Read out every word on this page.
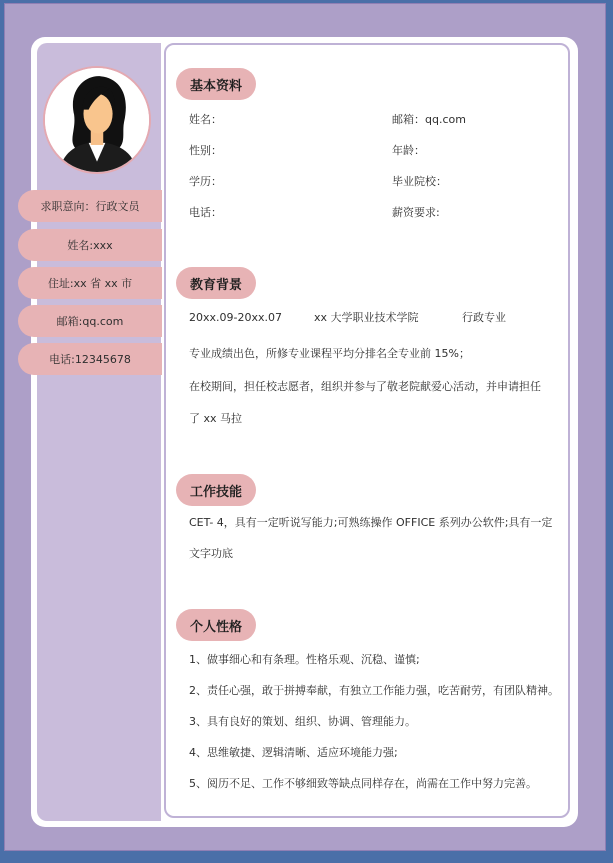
求职意向：行政文员
姓名:xxx
住址:xx 省 xx 市
邮箱:qq.com
电话:12345678
基本资料
姓名：
性别：
学历：
电话：
邮箱：qq.com
年龄：
毕业院校：
薪资要求:
教育背景
20xx.09-20xx.07	xx 大学职业技术学院	行政专业
专业成绩出色，所修专业课程平均分排名全专业前 15%；
在校期间，担任校志愿者，组织并参与了敬老院献爱心活动，并申请担任
了 xx 马拉
工作技能
CET- 4，具有一定听说写能力;可熟练操作 OFFICE 系列办公软件;具有一定
文字功底
个人性格
1、做事细心和有条理。性格乐观、沉稳、谨慎;
2、责任心强，敢于拼搏奉献，有独立工作能力强，吃苦耐劳，有团队精神。
3、具有良好的策划、组织、协调、管理能力。
4、思维敏捷、逻辑清晰、适应环境能力强;
5、阅历不足、工作不够细致等缺点同样存在，尚需在工作中努力完善。
